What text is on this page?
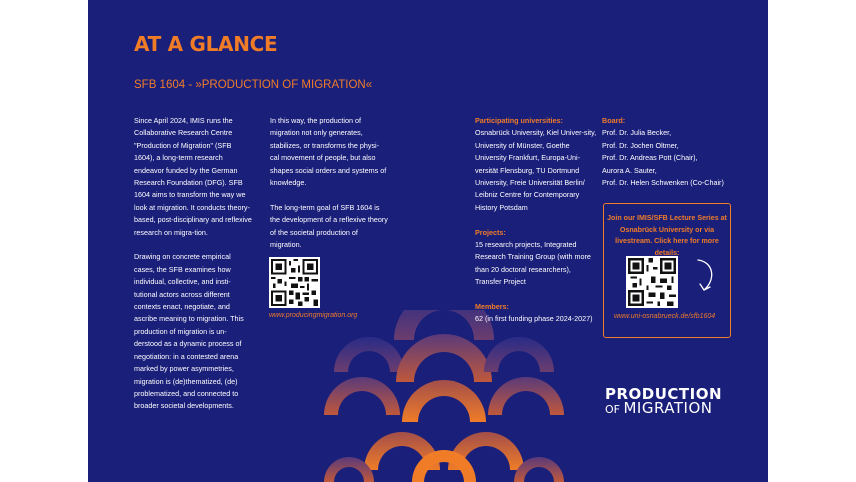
AT A GLANCE
SFB 1604 - »PRODUCTION OF MIGRATION«

Since April 2024, IMIS runs the Collaborative Research Centre "Production of Migration" (SFB 1604), a long-term research endeavor funded by the German Research Foundation (DFG). SFB 1604 aims to transform the way we look at migration. It conducts theory-based, post-disciplinary and reflexive research on migra-tion.

Drawing on concrete empirical cases, the SFB examines how individual, collective, and insti-tutional actors across different contexts enact, negotiate, and ascribe meaning to migration. This production of migration is un-derstood as a dynamic process of negotiation: in a contested arena marked by power asymmetries, migration is (de)thematized, (de) problematized, and connected to broader societal developments.

In this way, the production of migration not only generates, stabilizes, or transforms the physi-cal movement of people, but also shapes social orders and systems of knowledge.

The long-term goal of SFB 1604 is the development of a reflexive theory of the societal production of migration.

www.producingmigration.org

Participating universities:
Osnabrück University, Kiel Univer-sity, University of Münster, Goethe University Frankfurt, Europa-Uni-versität Flensburg, TU Dortmund University, Freie Universität Berlin/ Leibniz Centre for Contemporary History Potsdam

Projects:
15 research projects, Integrated Research Training Group (with more than 20 doctoral researchers), Transfer Project

Members:
62 (in first funding phase 2024-2027)

Board:
Prof. Dr. Julia Becker,
Prof. Dr. Jochen Oltmer,
Prof. Dr. Andreas Pott (Chair),
Aurora A. Sauter,
Prof. Dr. Helen Schwenken (Co-Chair)
Join our IMIS/SFB Lecture Series at Osnabrück University or via livestream. Click here for more details:
www.uni-osnabrueck.de/sfb1604
PRODUCTION
OF MIGRATION
